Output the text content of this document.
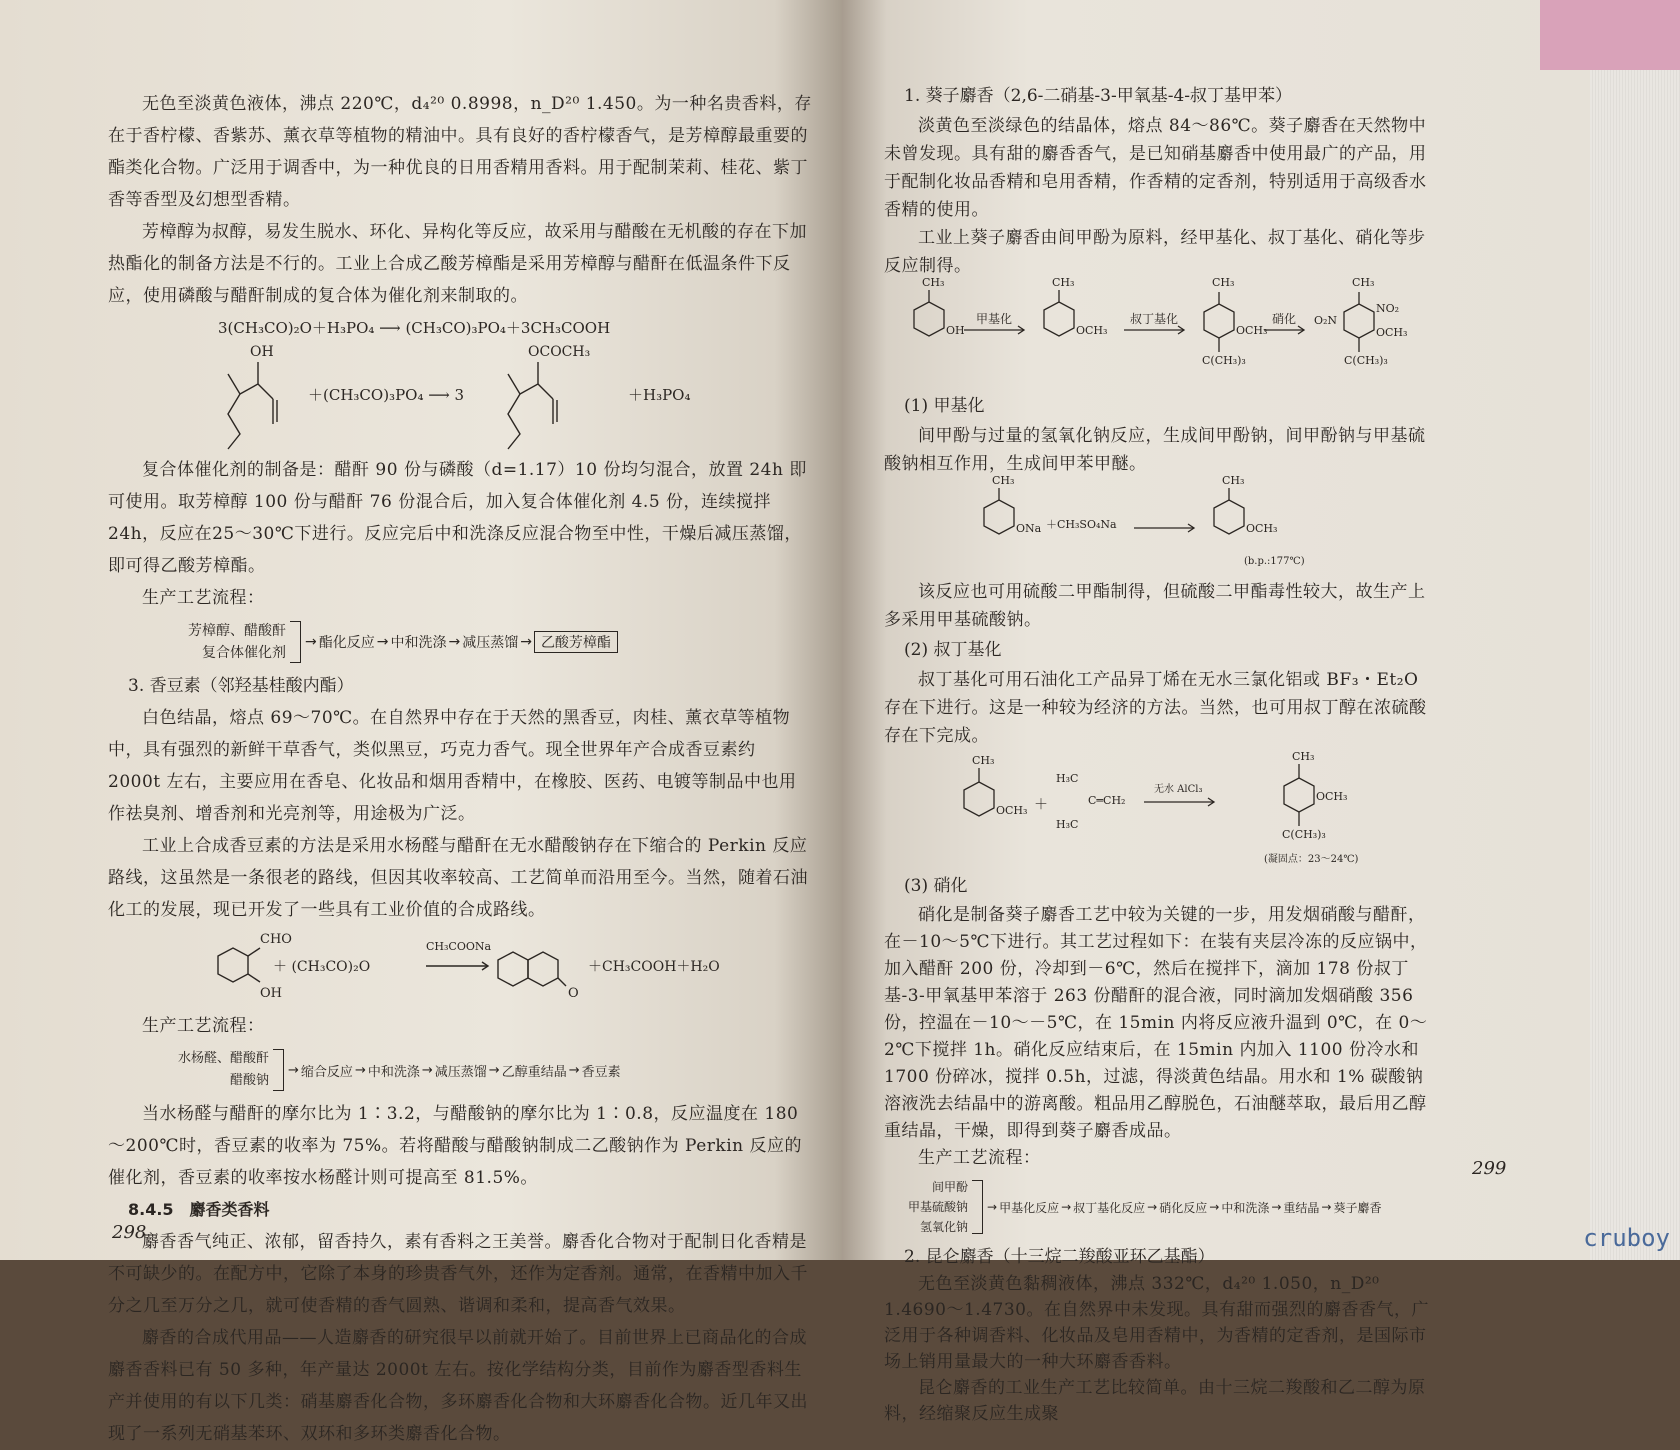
无色至淡黄色液体，沸点 220℃，d₄²⁰ 0.8998，n_D²⁰ 1.450。为一种名贵香料，存在于香柠檬、香紫苏、薰衣草等植物的精油中。具有良好的香柠檬香气，是芳樟醇最重要的酯类化合物。广泛用于调香中，为一种优良的日用香精用香料。用于配制茉莉、桂花、紫丁香等香型及幻想型香精。

芳樟醇为叔醇，易发生脱水、环化、异构化等反应，故采用与醋酸在无机酸的存在下加热酯化的制备方法是不行的。工业上合成乙酸芳樟酯是采用芳樟醇与醋酐在低温条件下反应，使用磷酸与醋酐制成的复合体为催化剂来制取的。

3(CH₃CO)₂O＋H₃PO₄ ⟶ (CH₃CO)₃PO₄＋3CH₃COOH
OH
＋(CH₃CO)₃PO₄ ⟶ 3
OCOCH₃
＋H₃PO₄

复合体催化剂的制备是：醋酐 90 份与磷酸（d=1.17）10 份均匀混合，放置 24h 即可使用。取芳樟醇 100 份与醋酐 76 份混合后，加入复合体催化剂 4.5 份，连续搅拌 24h，反应在25～30℃下进行。反应完后中和洗涤反应混合物至中性，干燥后减压蒸馏，即可得乙酸芳樟酯。

生产工艺流程：

芳樟醇、醋酸酐
复合体催化剂
→ 酯化反应 → 中和洗涤 → 减压蒸馏 → 乙酸芳樟酯

3. 香豆素（邻羟基桂酸内酯）

白色结晶，熔点 69～70℃。在自然界中存在于天然的黑香豆，肉桂、薰衣草等植物中，具有强烈的新鲜干草香气，类似黑豆，巧克力香气。现全世界年产合成香豆素约 2000t 左右，主要应用在香皂、化妆品和烟用香精中，在橡胶、医药、电镀等制品中也用作祛臭剂、增香剂和光亮剂等，用途极为广泛。

工业上合成香豆素的方法是采用水杨醛与醋酐在无水醋酸钠存在下缩合的 Perkin 反应路线，这虽然是一条很老的路线，但因其收率较高、工艺简单而沿用至今。当然，随着石油化工的发展，现已开发了一些具有工业价值的合成路线。

CHO
OH
＋ (CH₃CO)₂O
CH₃COONa
O
＋CH₃COOH＋H₂O

生产工艺流程：

水杨醛、醋酸酐
醋酸钠
→ 缩合反应 → 中和洗涤 → 减压蒸馏 → 乙醇重结晶 → 香豆素

当水杨醛与醋酐的摩尔比为 1∶3.2，与醋酸钠的摩尔比为 1∶0.8，反应温度在 180～200℃时，香豆素的收率为 75%。若将醋酸与醋酸钠制成二乙酸钠作为 Perkin 反应的催化剂，香豆素的收率按水杨醛计则可提高至 81.5%。

8.4.5　麝香类香料

麝香香气纯正、浓郁，留香持久，素有香料之王美誉。麝香化合物对于配制日化香精是不可缺少的。在配方中，它除了本身的珍贵香气外，还作为定香剂。通常，在香精中加入千分之几至万分之几，就可使香精的香气圆熟、谐调和柔和，提高香气效果。

麝香的合成代用品——人造麝香的研究很早以前就开始了。目前世界上已商品化的合成麝香香料已有 50 多种，年产量达 2000t 左右。按化学结构分类，目前作为麝香型香料生产并使用的有以下几类：硝基麝香化合物，多环麝香化合物和大环麝香化合物。近几年又出现了一系列无硝基苯环、双环和多环类麝香化合物。

298

1. 葵子麝香（2,6-二硝基-3-甲氧基-4-叔丁基甲苯）

淡黄色至淡绿色的结晶体，熔点 84～86℃。葵子麝香在天然物中未曾发现。具有甜的麝香香气，是已知硝基麝香中使用最广的产品，用于配制化妆品香精和皂用香精，作香精的定香剂，特别适用于高级香水香精的使用。

工业上葵子麝香由间甲酚为原料，经甲基化、叔丁基化、硝化等步反应制得。

CH₃
OH
甲基化
CH₃
OCH₃
叔丁基化
CH₃
OCH₃
C(CH₃)₃
硝化 O₂N
CH₃
NO₂
OCH₃
C(CH₃)₃

(1) 甲基化

间甲酚与过量的氢氧化钠反应，生成间甲酚钠，间甲酚钠与甲基硫酸钠相互作用，生成间甲苯甲醚。

CH₃
ONa ＋CH₃SO₄Na
CH₃
OCH₃
(b.p.:177℃)

该反应也可用硫酸二甲酯制得，但硫酸二甲酯毒性较大，故生产上多采用甲基硫酸钠。

(2) 叔丁基化

叔丁基化可用石油化工产品异丁烯在无水三氯化铝或 BF₃・Et₂O 存在下进行。这是一种较为经济的方法。当然，也可用叔丁醇在浓硫酸存在下完成。

CH₃
OCH₃ ＋
H₃C
C═CH₂
H₃C
无水 AlCl₃
CH₃
OCH₃
C(CH₃)₃
(凝固点：23～24℃)

(3) 硝化

硝化是制备葵子麝香工艺中较为关键的一步，用发烟硝酸与醋酐，在－10～5℃下进行。其工艺过程如下：在装有夹层冷冻的反应锅中，加入醋酐 200 份，冷却到－6℃，然后在搅拌下，滴加 178 份叔丁基-3-甲氧基甲苯溶于 263 份醋酐的混合液，同时滴加发烟硝酸 356 份，控温在－10～－5℃，在 15min 内将反应液升温到 0℃，在 0～2℃下搅拌 1h。硝化反应结束后，在 15min 内加入 1100 份冷水和 1700 份碎冰，搅拌 0.5h，过滤，得淡黄色结晶。用水和 1% 碳酸钠溶液洗去结晶中的游离酸。粗品用乙醇脱色，石油醚萃取，最后用乙醇重结晶，干燥，即得到葵子麝香成品。

生产工艺流程：

间甲酚
甲基硫酸钠
氢氧化钠
→ 甲基化反应 → 叔丁基化反应 → 硝化反应 → 中和洗涤 → 重结晶 → 葵子麝香

2. 昆仑麝香（十三烷二羧酸亚环乙基酯）

无色至淡黄色黏稠液体，沸点 332℃，d₄²⁰ 1.050，n_D²⁰ 1.4690～1.4730。在自然界中未发现。具有甜而强烈的麝香香气，广泛用于各种调香料、化妆品及皂用香精中，为香精的定香剂，是国际市场上销用量最大的一种大环麝香香料。

昆仑麝香的工业生产工艺比较简单。由十三烷二羧酸和乙二醇为原料，经缩聚反应生成聚

299
cruboy
